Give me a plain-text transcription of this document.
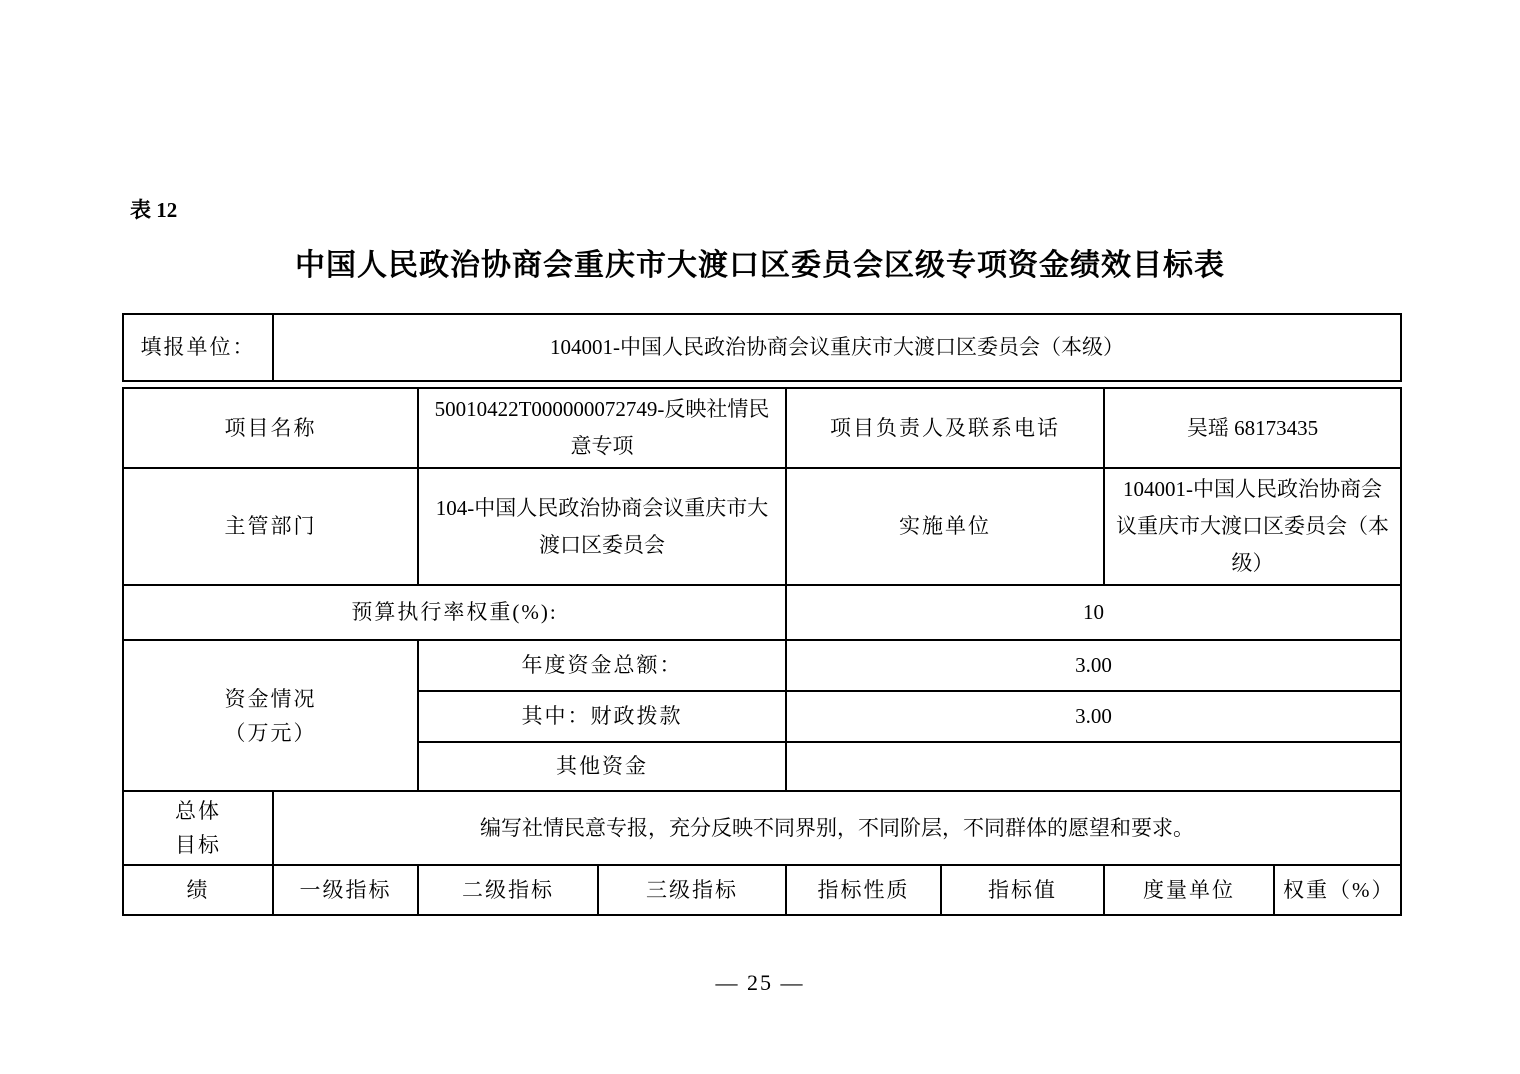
表 12
中国人民政治协商会重庆市大渡口区委员会区级专项资金绩效目标表
填报单位：	104001-中国人民政治协商会议重庆市大渡口区委员会（本级）
项目名称		50010422T000000072749-反映社情民意专项		项目负责人及联系电话		吴瑶 68173435	
主管部门		104-中国人民政治协商会议重庆市大渡口区委员会		实施单位		104001-中国人民政治协商会议重庆市大渡口区委员会（本级）	
预算执行率权重(%):				10			

资金情况
（万元）		年度资金总额：		3.00			
		其中：财政拨款		3.00			
		其他资金					

总体
目标	编写社情民意专报，充分反映不同界别，不同阶层，不同群体的愿望和要求。						
绩	一级指标	二级指标	三级指标	指标性质	指标值	度量单位	权重（%）
— 25 —
